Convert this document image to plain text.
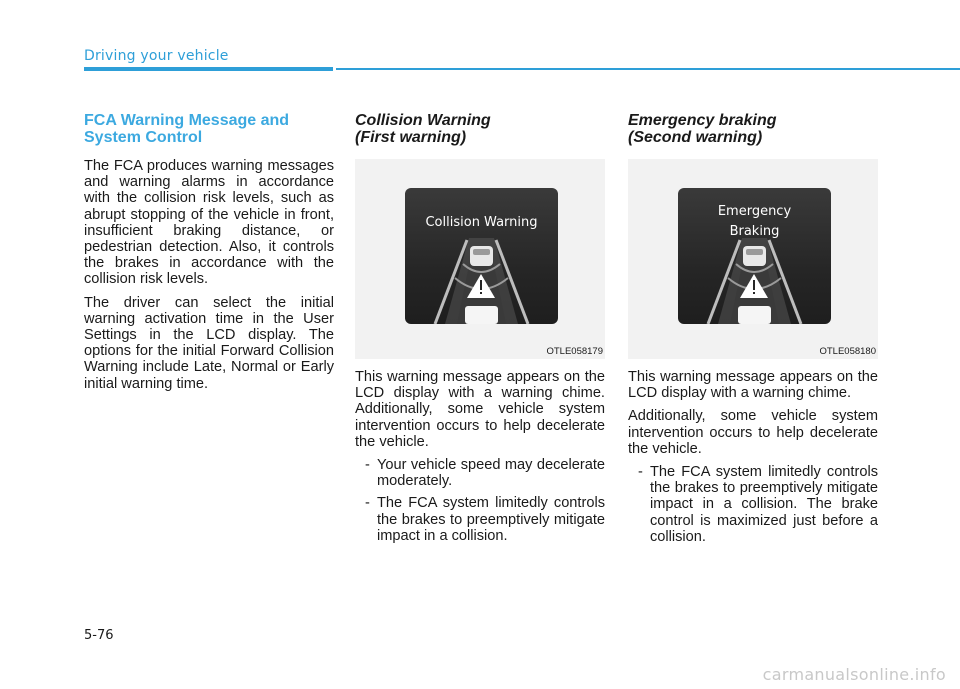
Driving your vehicle
FCA Warning Message and System Control

The FCA produces warning messages and warning alarms in accordance with the collision risk levels, such as abrupt stopping of the vehicle in front, insufficient braking distance, or pedestrian detection. Also, it controls the brakes in accordance with the collision risk levels.

The driver can select the initial warning activation time in the User Settings in the LCD display. The options for the initial Forward Collision Warning include Late, Normal or Early initial warning time.

Collision Warning
(First warning)
Collision Warning
OTLE058179

This warning message appears on the LCD display with a warning chime. Additionally, some vehicle system intervention occurs to help decelerate the vehicle.

- Your vehicle speed may decelerate moderately.
- The FCA system limitedly controls the brakes to preemptively mitigate impact in a collision.
Emergency braking
(Second warning)
Emergency
Braking
OTLE058180

This warning message appears on the LCD display with a warning chime.

Additionally, some vehicle system intervention occurs to help decelerate the vehicle.

- The FCA system limitedly controls the brakes to preemptively mitigate impact in a collision. The brake control is maximized just before a collision.
5-76
carmanualsonline.info
